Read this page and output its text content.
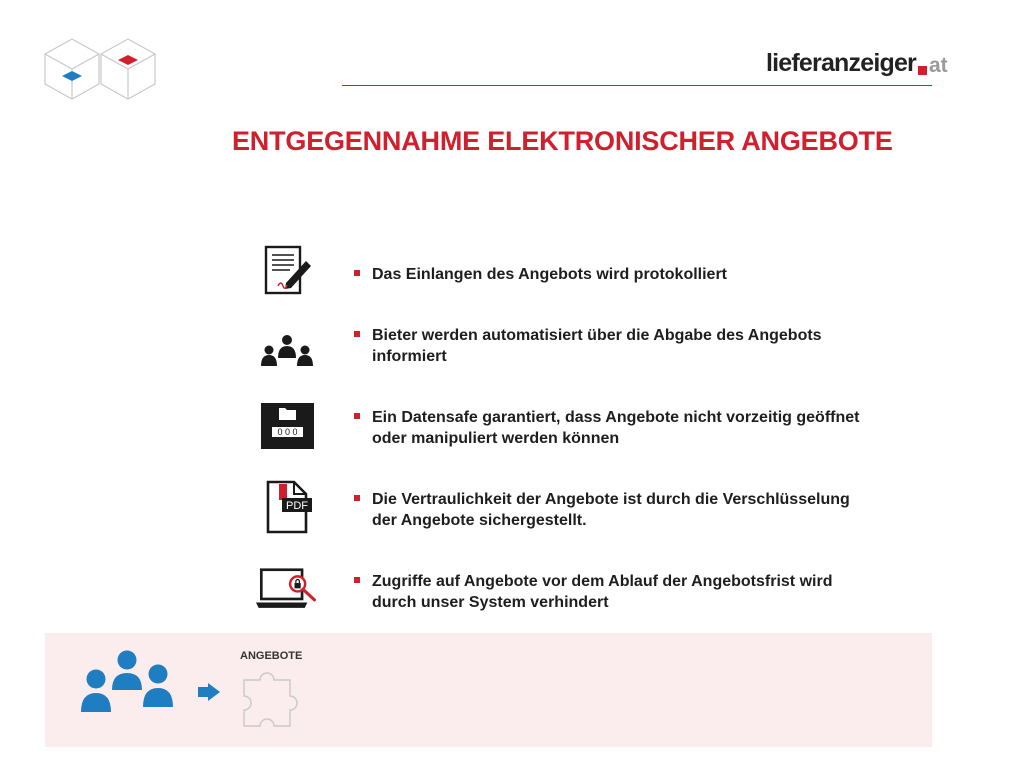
lieferanzeiger at
ENTGEGENNAHME ELEKTRONISCHER ANGEBOTE
Das Einlangen des Angebots wird protokolliert
Bieter werden automatisiert über die Abgabe des Angebots informiert
0 0 0
Ein Datensafe garantiert, dass Angebote nicht vorzeitig geöffnet oder manipuliert werden können
PDF	Die Vertraulichkeit der Angebote ist durch die Verschlüsselung der Angebote sichergestellt.
Zugriffe auf Angebote vor dem Ablauf der Angebotsfrist wird durch unser System verhindert
ANGEBOTE
